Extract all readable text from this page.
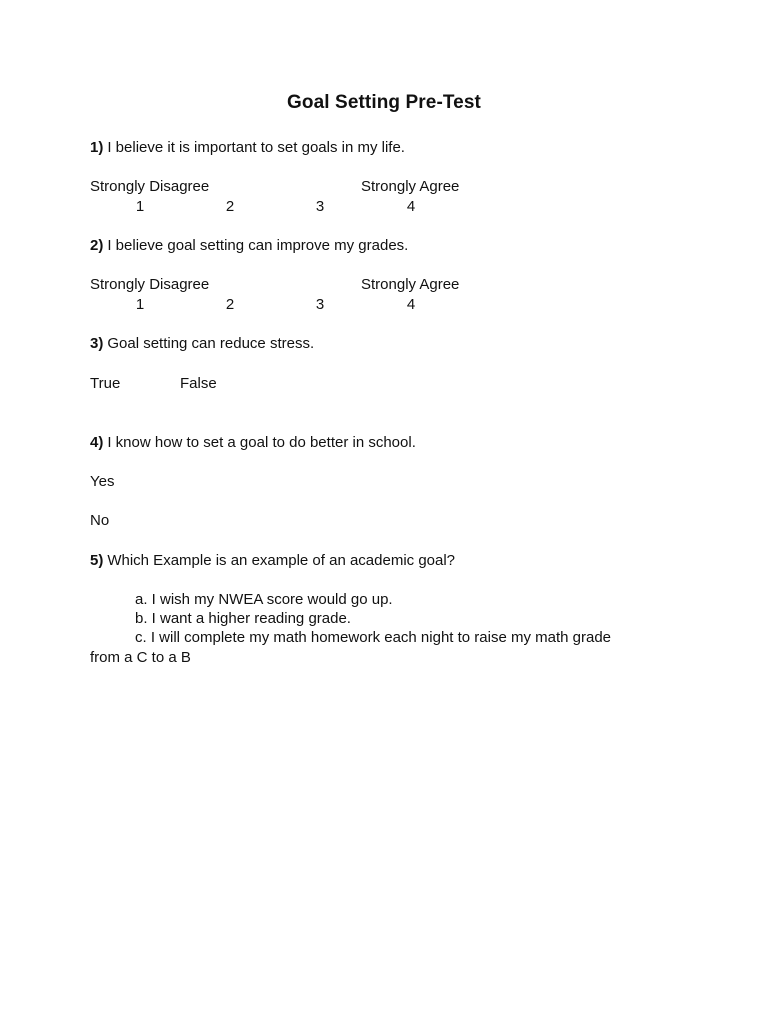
Goal Setting Pre-Test
1) I believe it is important to set goals in my life.
Strongly Disagree	Strongly Agree
1	2	3	4
2) I believe goal setting can improve my grades.
Strongly Disagree	Strongly Agree
1	2	3	4
3) Goal setting can reduce stress.
True	False
4) I know how to set a goal to do better in school.
Yes
No
5) Which Example is an example of an academic goal?
a. I wish my NWEA score would go up.
b. I want a higher reading grade.
c. I will complete my math homework each night to raise my math grade
from a C to a B
